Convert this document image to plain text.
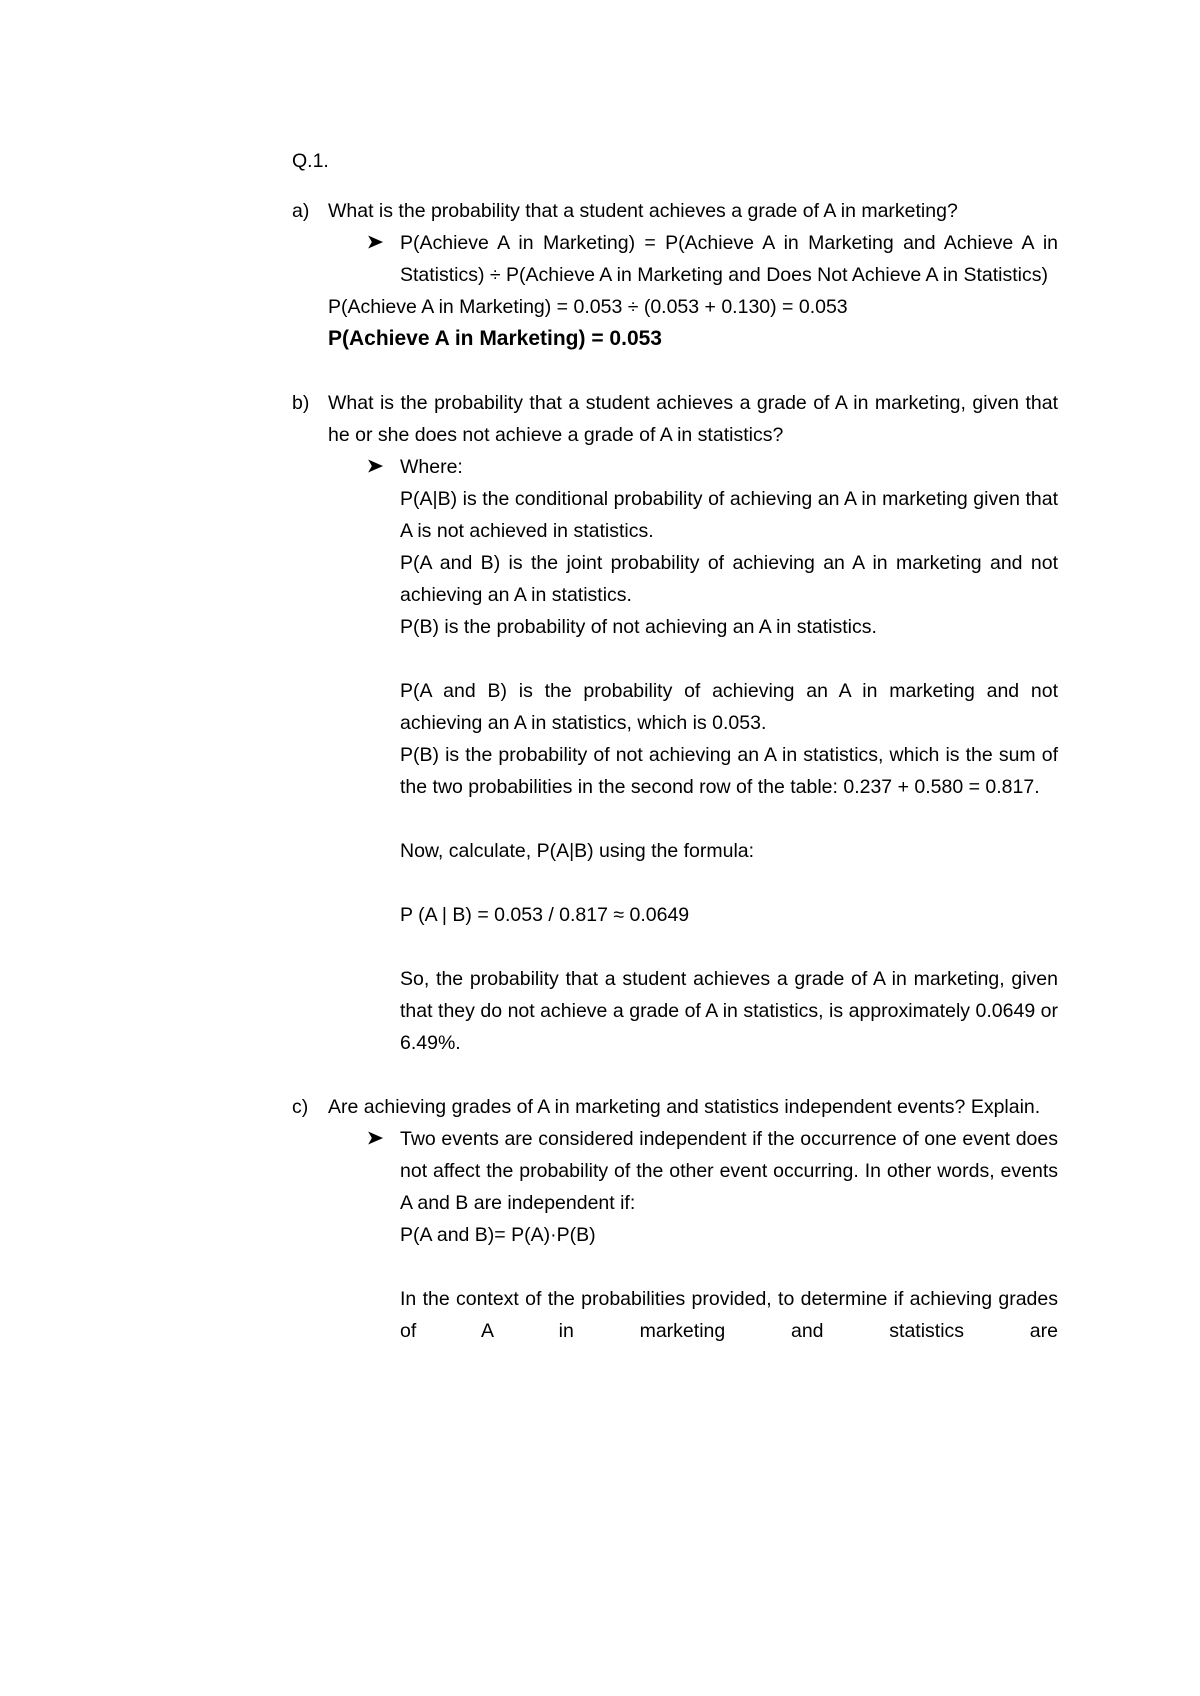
Q.1.
a) What is the probability that a student achieves a grade of A in marketing?
P(Achieve A in Marketing) = P(Achieve A in Marketing and Achieve A in Statistics) ÷ P(Achieve A in Marketing and Does Not Achieve A in Statistics)
P(Achieve A in Marketing) = 0.053 ÷ (0.053 + 0.130) = 0.053
P(Achieve A in Marketing) = 0.053
b) What is the probability that a student achieves a grade of A in marketing, given that he or she does not achieve a grade of A in statistics?
Where:
P(A|B) is the conditional probability of achieving an A in marketing given that A is not achieved in statistics.
P(A and B) is the joint probability of achieving an A in marketing and not achieving an A in statistics.
P(B) is the probability of not achieving an A in statistics.
P(A and B) is the probability of achieving an A in marketing and not achieving an A in statistics, which is 0.053.
P(B) is the probability of not achieving an A in statistics, which is the sum of the two probabilities in the second row of the table: 0.237 + 0.580 = 0.817.
Now, calculate, P(A|B) using the formula:
P (A | B) = 0.053 / 0.817 ≈ 0.0649
So, the probability that a student achieves a grade of A in marketing, given that they do not achieve a grade of A in statistics, is approximately 0.0649 or 6.49%.
c) Are achieving grades of A in marketing and statistics independent events? Explain.
Two events are considered independent if the occurrence of one event does not affect the probability of the other event occurring. In other words, events A and B are independent if:
P(A and B)= P(A)·P(B)
In the context of the probabilities provided, to determine if achieving grades of A in marketing and statistics are
